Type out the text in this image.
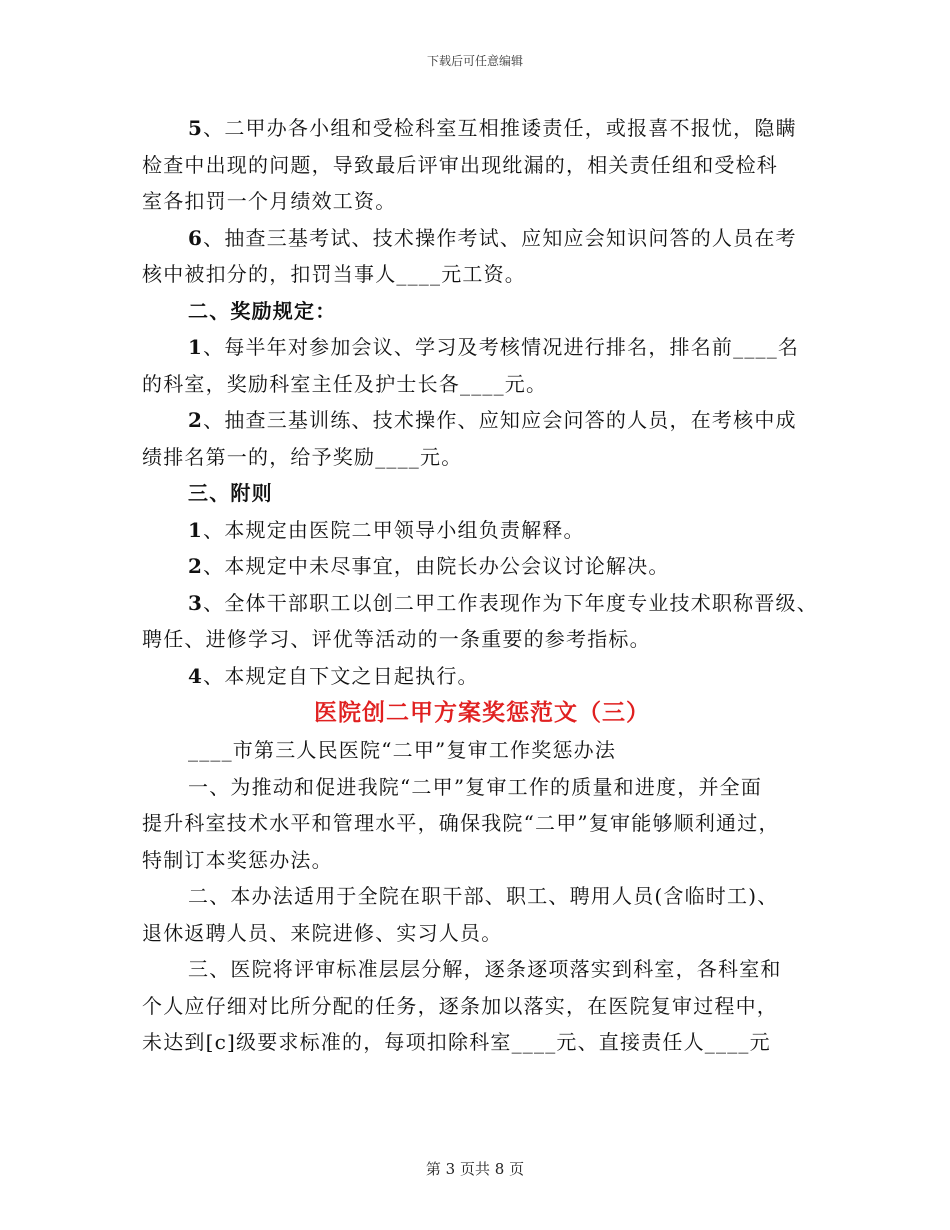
下载后可任意编辑
5、二甲办各小组和受检科室互相推诿责任，或报喜不报忧，隐瞒
检查中出现的问题，导致最后评审出现纰漏的，相关责任组和受检科
室各扣罚一个月绩效工资。
6、抽查三基考试、技术操作考试、应知应会知识问答的人员在考
核中被扣分的，扣罚当事人____元工资。
二、奖励规定：
1、每半年对参加会议、学习及考核情况进行排名，排名前____名
的科室，奖励科室主任及护士长各____元。
2、抽查三基训练、技术操作、应知应会问答的人员，在考核中成
绩排名第一的，给予奖励____元。
三、附则
1、本规定由医院二甲领导小组负责解释。
2、本规定中未尽事宜，由院长办公会议讨论解决。
3、全体干部职工以创二甲工作表现作为下年度专业技术职称晋级、
聘任、进修学习、评优等活动的一条重要的参考指标。
4、本规定自下文之日起执行。
医院创二甲方案奖惩范文（三）
____市第三人民医院“二甲”复审工作奖惩办法
一、为推动和促进我院“二甲”复审工作的质量和进度，并全面
提升科室技术水平和管理水平，确保我院“二甲”复审能够顺利通过，
特制订本奖惩办法。
二、本办法适用于全院在职干部、职工、聘用人员(含临时工)、
退休返聘人员、来院进修、实习人员。
三、医院将评审标准层层分解，逐条逐项落实到科室，各科室和
个人应仔细对比所分配的任务，逐条加以落实，在医院复审过程中，
未达到[c]级要求标准的，每项扣除科室____元、直接责任人____元
第 3 页共 8 页
